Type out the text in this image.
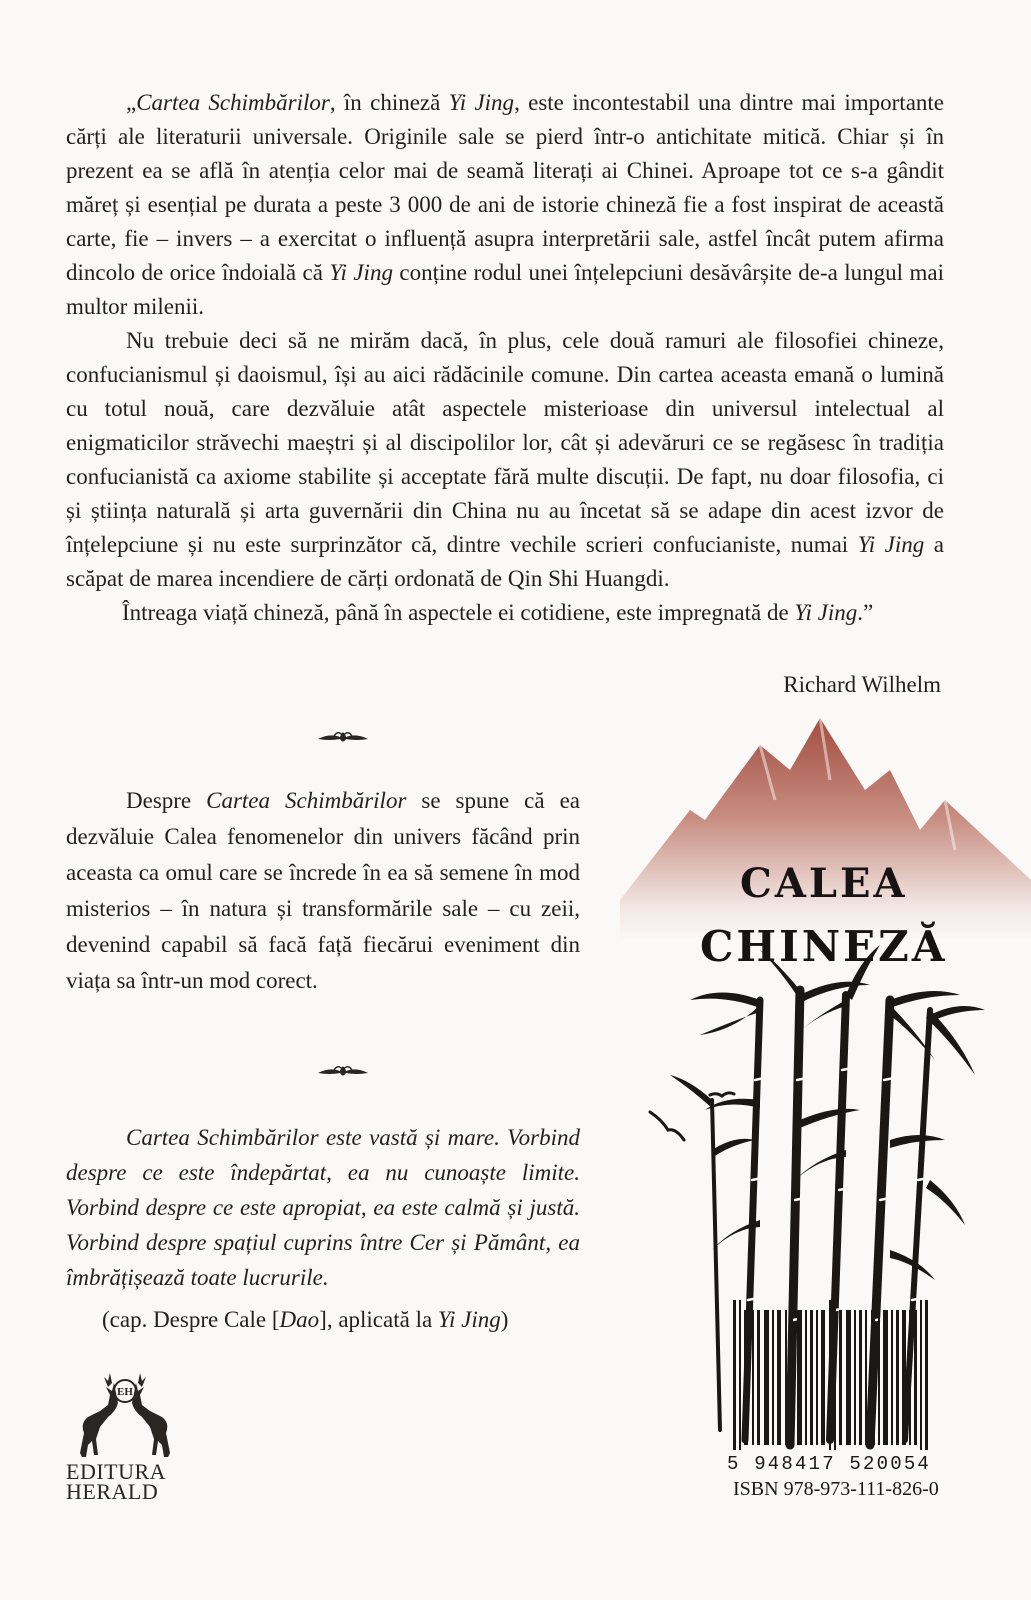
„Cartea Schimbărilor, în chineză Yi Jing, este incontestabil una dintre mai importante cărți ale literaturii universale. Originile sale se pierd într-o antichitate mitică. Chiar și în prezent ea se află în atenția celor mai de seamă literați ai Chinei. Aproape tot ce s-a gândit măreț și esențial pe durata a peste 3 000 de ani de istorie chineză fie a fost inspirat de această carte, fie – invers – a exercitat o influență asupra interpretării sale, astfel încât putem afirma dincolo de orice îndoială că Yi Jing conține rodul unei înțelepciuni desăvârșite de-a lungul mai multor milenii.

Nu trebuie deci să ne mirăm dacă, în plus, cele două ramuri ale filosofiei chineze, confucianismul și daoismul, își au aici rădăcinile comune. Din cartea aceasta emană o lumină cu totul nouă, care dezvăluie atât aspectele misterioase din universul intelectual al enigmaticilor străvechi maeștri și al discipolilor lor, cât și adevăruri ce se regăsesc în tradiția confucianistă ca axiome stabilite și acceptate fără multe discuții. De fapt, nu doar filosofia, ci și știința naturală și arta guvernării din China nu au încetat să se adape din acest izvor de înțelepciune și nu este surprinzător că, dintre vechile scrieri confucianiste, numai Yi Jing a scăpat de marea incendiere de cărți ordonată de Qin Shi Huangdi.

Întreaga viață chineză, până în aspectele ei cotidiene, este impregnată de Yi Jing.”

Richard Wilhelm

Despre Cartea Schimbărilor se spune că ea dezvăluie Calea fenomenelor din univers făcând prin aceasta ca omul care se încrede în ea să semene în mod misterios – în natura și transformările sale – cu zeii, devenind capabil să facă față fiecărui eveniment din viața sa într-un mod corect.

Cartea Schimbărilor este vastă și mare. Vorbind despre ce este îndepărtat, ea nu cunoaște limite. Vorbind despre ce este apropiat, ea este calmă și justă. Vorbind despre spațiul cuprins între Cer și Pământ, ea îmbrățișează toate lucrurile.

(cap. Despre Cale [Dao], aplicată la Yi Jing)
EH
EDITURA
HERALD
CALEA
CHINEZĂ
5 948417 520054
ISBN 978-973-111-826-0
